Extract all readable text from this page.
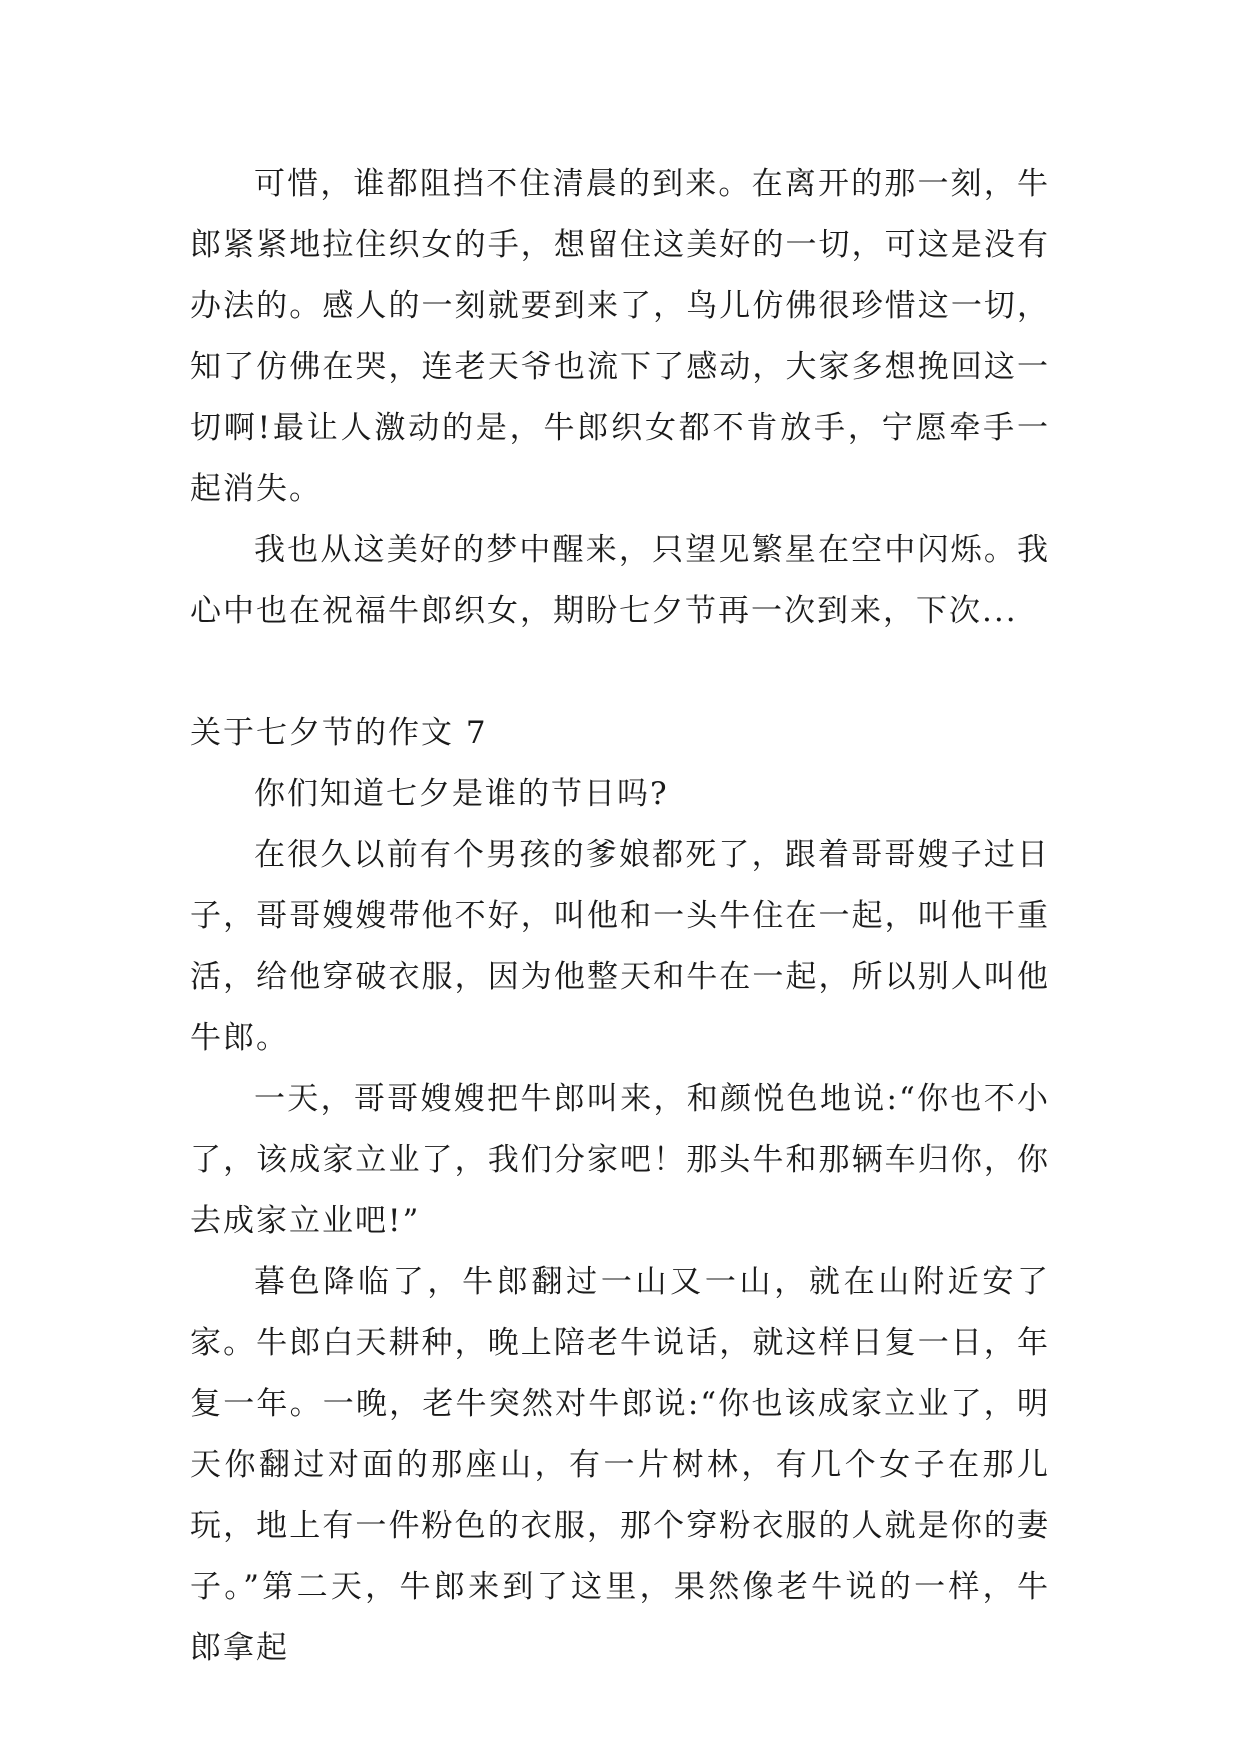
可惜，谁都阻挡不住清晨的到来。在离开的那一刻，牛郎紧紧地拉住织女的手，想留住这美好的一切，可这是没有办法的。感人的一刻就要到来了，鸟儿仿佛很珍惜这一切，知了仿佛在哭，连老天爷也流下了感动，大家多想挽回这一切啊!最让人激动的是，牛郎织女都不肯放手，宁愿牵手一起消失。

我也从这美好的梦中醒来，只望见繁星在空中闪烁。我心中也在祝福牛郎织女，期盼七夕节再一次到来，下次...

关于七夕节的作文 7

你们知道七夕是谁的节日吗?

在很久以前有个男孩的爹娘都死了，跟着哥哥嫂子过日子，哥哥嫂嫂带他不好，叫他和一头牛住在一起，叫他干重活，给他穿破衣服，因为他整天和牛在一起，所以别人叫他牛郎。

一天，哥哥嫂嫂把牛郎叫来，和颜悦色地说:“你也不小了，该成家立业了，我们分家吧！那头牛和那辆车归你，你去成家立业吧!”

暮色降临了，牛郎翻过一山又一山，就在山附近安了家。牛郎白天耕种，晚上陪老牛说话，就这样日复一日，年复一年。一晚，老牛突然对牛郎说:“你也该成家立业了，明天你翻过对面的那座山，有一片树林，有几个女子在那儿玩，地上有一件粉色的衣服，那个穿粉衣服的人就是你的妻子。”第二天，牛郎来到了这里，果然像老牛说的一样，牛郎拿起
